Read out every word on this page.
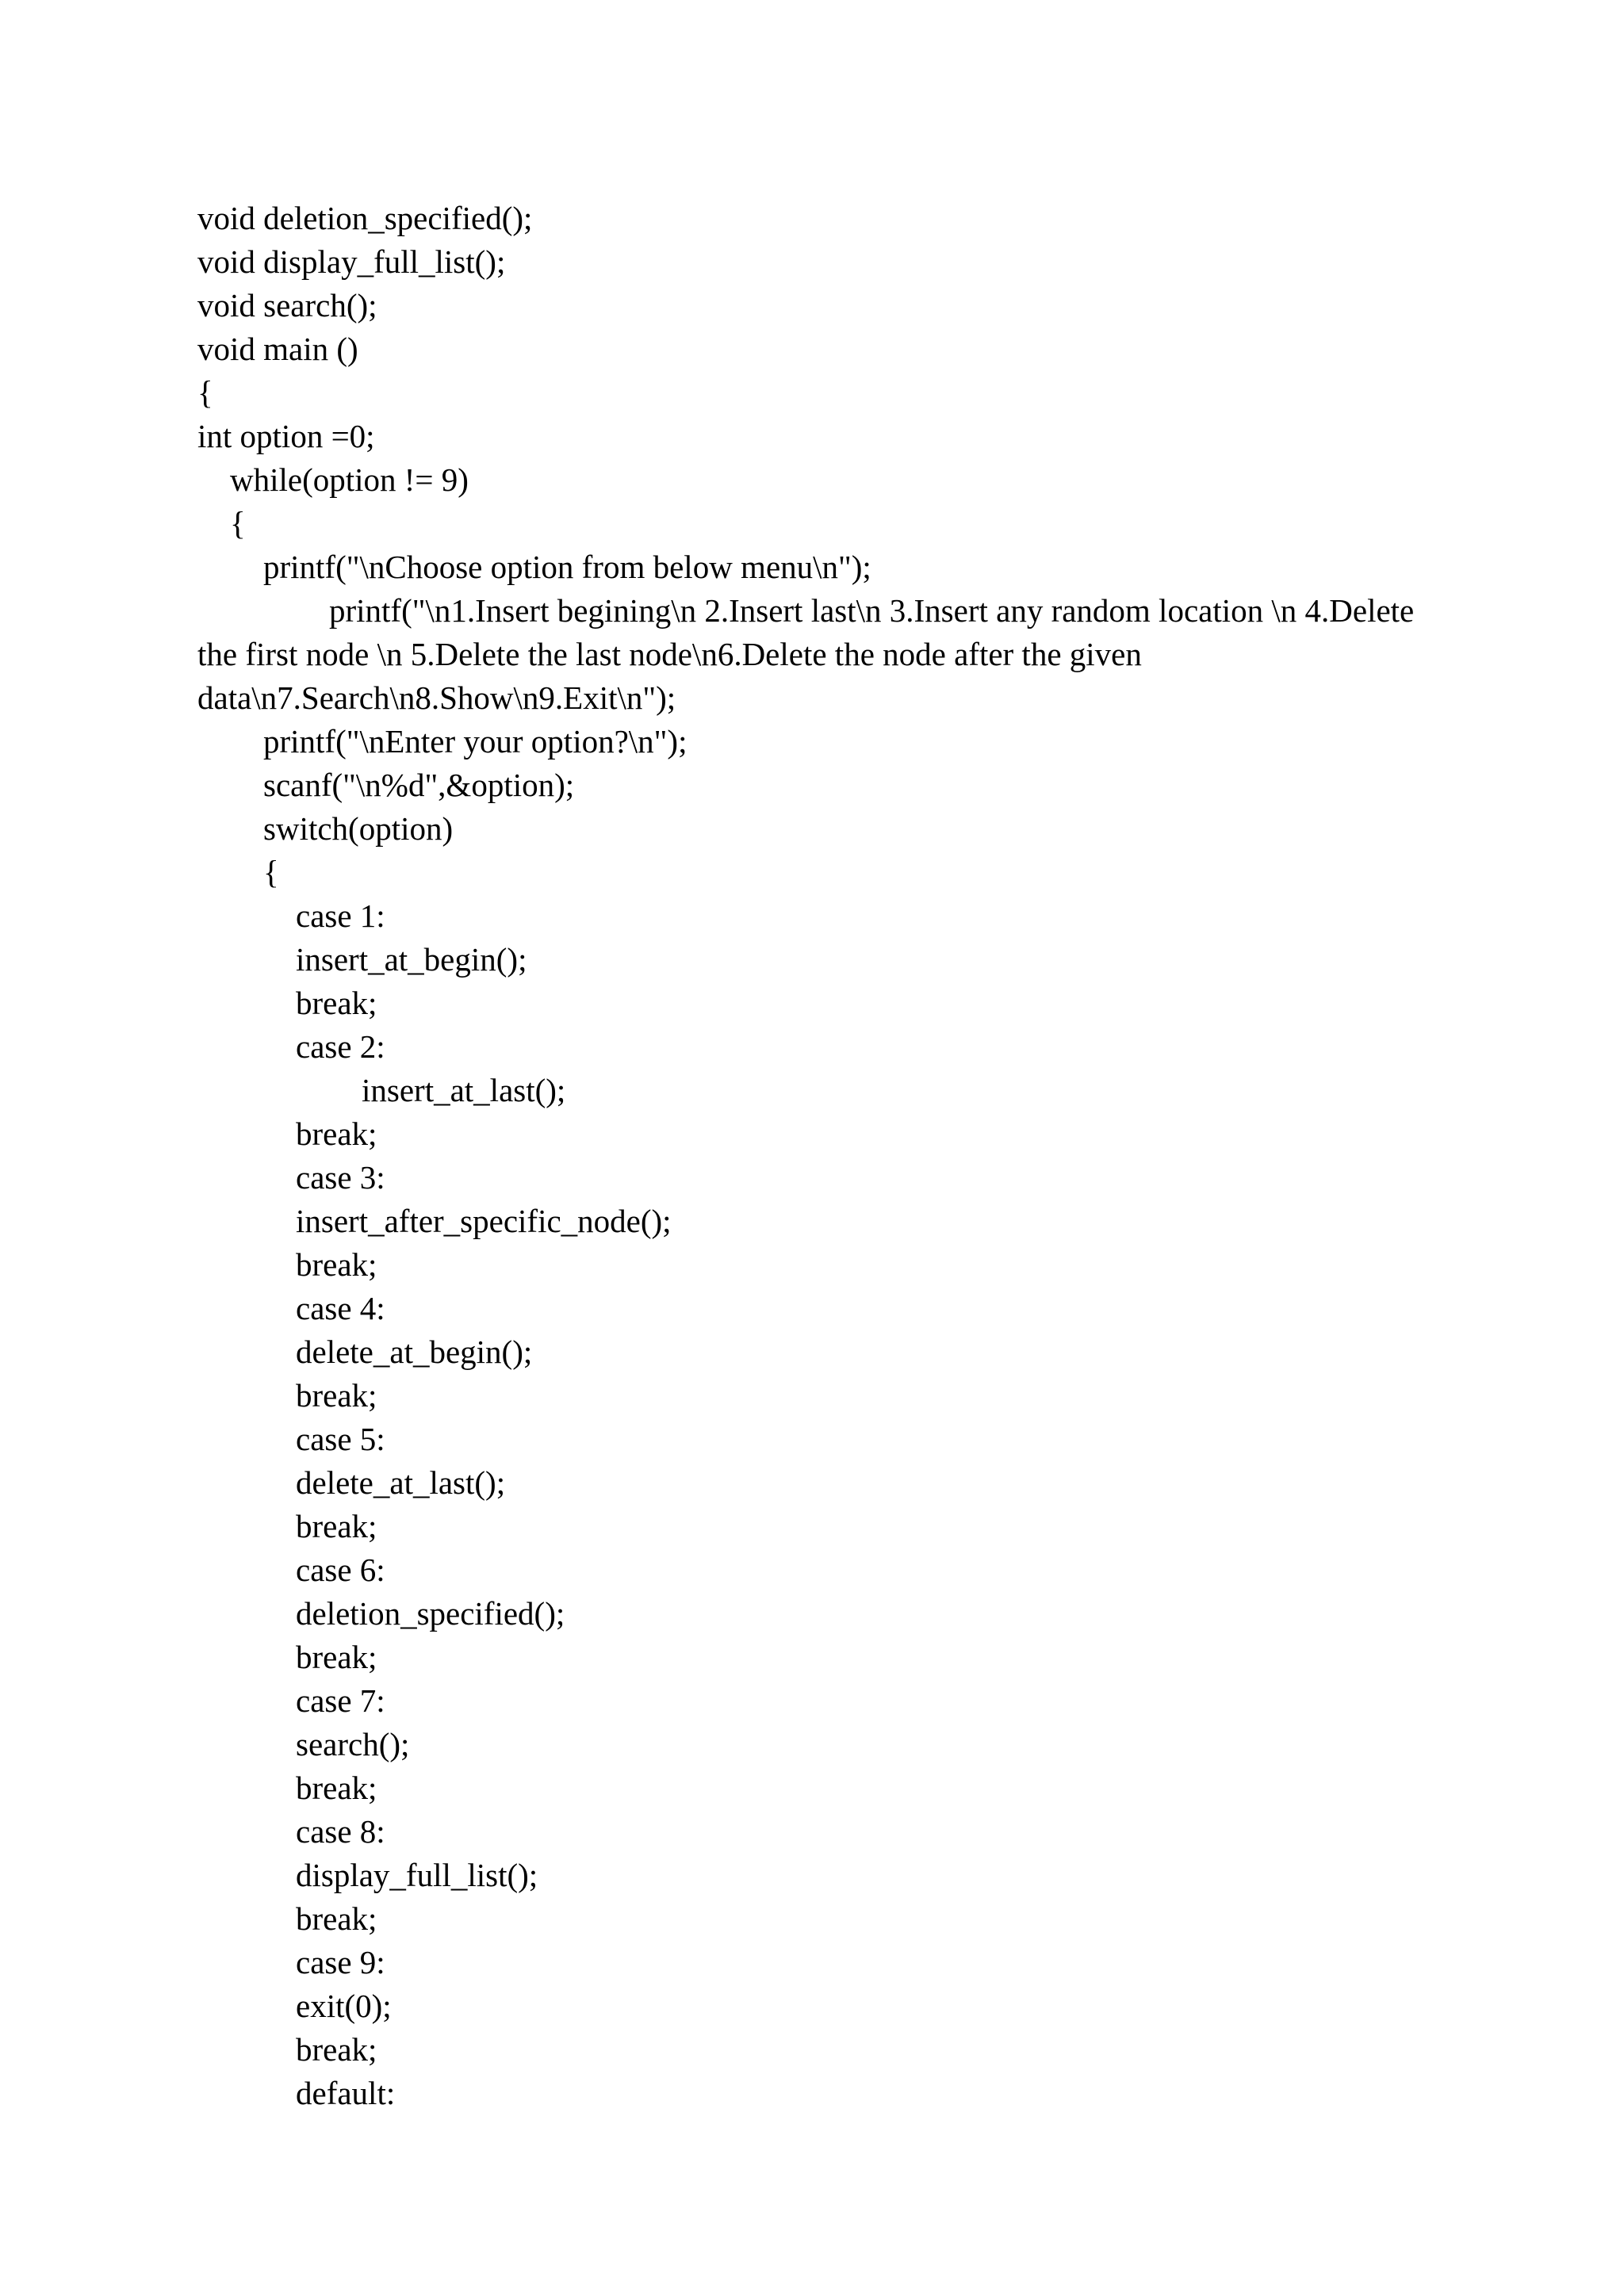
void deletion_specified();
void display_full_list();
void search();
void main ()
{
int option =0;
while(option != 9)
{
printf("\nChoose option from below menu\n");
printf("\n1.Insert begining\n 2.Insert last\n 3.Insert any random location \n 4.Delete
the first node \n 5.Delete the last node\n6.Delete the node after the given
data\n7.Search\n8.Show\n9.Exit\n");
printf("\nEnter your option?\n");
scanf("\n%d",&option);
switch(option)
{
case 1:
insert_at_begin();
break;
case 2:
insert_at_last();
break;
case 3:
insert_after_specific_node();
break;
case 4:
delete_at_begin();
break;
case 5:
delete_at_last();
break;
case 6:
deletion_specified();
break;
case 7:
search();
break;
case 8:
display_full_list();
break;
case 9:
exit(0);
break;
default:
